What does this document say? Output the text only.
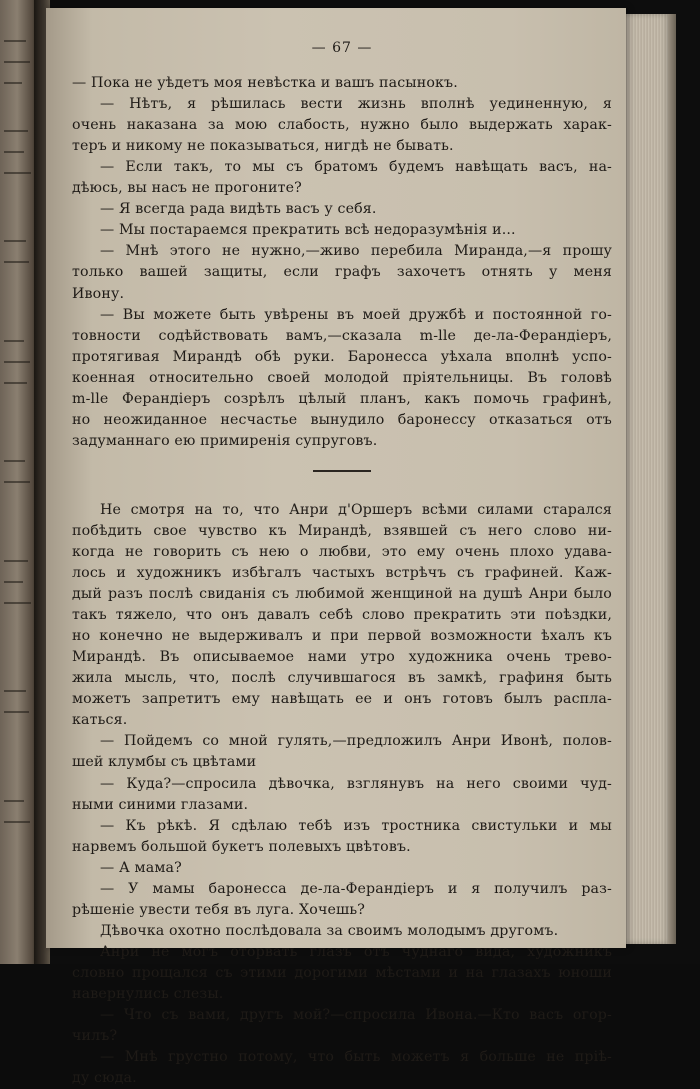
— 67 —
— Пока не уѣдетъ моя невѣстка и вашъ пасынокъ.
— Нѣтъ, я рѣшилась вести жизнь вполнѣ уединенную, я
очень наказана за мою слабость, нужно было выдержать харак-
теръ и никому не показываться, нигдѣ не бывать.
— Если такъ, то мы съ братомъ будемъ навѣщать васъ, на-
дѣюсь, вы насъ не прогоните?
— Я всегда рада видѣть васъ у себя.
— Мы постараемся прекратить всѣ недоразумѣнія и...
— Мнѣ этого не нужно,—живо перебила Миранда,—я прошу
только вашей защиты, если графъ захочетъ отнять у меня
Ивону.
— Вы можете быть увѣрены въ моей дружбѣ и постоянной го-
товности содѣйствовать вамъ,—сказала m-lle де-ла-Ферандіеръ,
протягивая Мирандѣ обѣ руки. Баронесса уѣхала вполнѣ успо-
коенная относительно своей молодой пріятельницы. Въ головѣ
m-lle Ферандіеръ созрѣлъ цѣлый планъ, какъ помочь графинѣ,
но неожиданное несчастье вынудило баронессу отказаться отъ
задуманнаго ею примиренія супруговъ.
Не смотря на то, что Анри д'Оршеръ всѣми силами старался
побѣдить свое чувство къ Мирандѣ, взявшей съ него слово ни-
когда не говорить съ нею о любви, это ему очень плохо удава-
лось и художникъ избѣгалъ частыхъ встрѣчъ съ графиней. Каж-
дый разъ послѣ свиданія съ любимой женщиной на душѣ Анри было
такъ тяжело, что онъ давалъ себѣ слово прекратить эти поѣздки,
но конечно не выдерживалъ и при первой возможности ѣхалъ къ
Мирандѣ. Въ описываемое нами утро художника очень трево-
жила мысль, что, послѣ случившагося въ замкѣ, графиня быть
можетъ запретитъ ему навѣщать ее и онъ готовъ былъ распла-
каться.
— Пойдемъ со мной гулять,—предложилъ Анри Ивонѣ, полов-
шей клумбы съ цвѣтами
— Куда?—спросила дѣвочка, взглянувъ на него своими чуд-
ными синими глазами.
— Къ рѣкѣ. Я сдѣлаю тебѣ изъ тростника свистульки и мы
нарвемъ большой букетъ полевыхъ цвѣтовъ.
— А мама?
— У мамы баронесса де-ла-Ферандіеръ и я получилъ раз-
рѣшеніе увести тебя въ луга. Хочешь?
Дѣвочка охотно послѣдовала за своимъ молодымъ другомъ.
Анри не могъ оторвать глазъ отъ чуднаго вида, художникъ
словно прощался съ этими дорогими мѣстами и на глазахъ юноши
навернулись слезы.
— Что съ вами, другъ мой?—спросила Ивона.—Кто васъ огор-
чилъ?
— Мнѣ грустно потому, что быть можетъ я больше не пріѣ-
ду сюда.
